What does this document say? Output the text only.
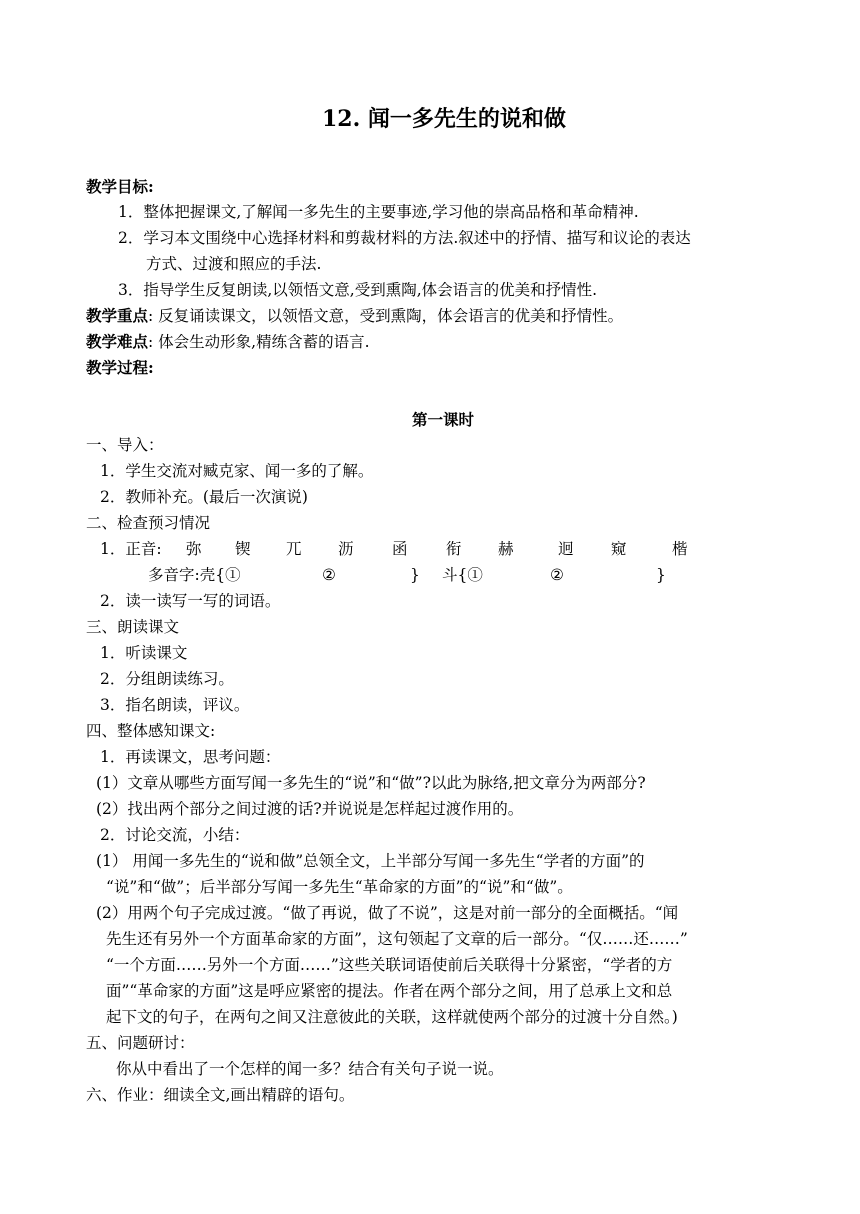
12. 闻一多先生的说和做
教学目标:
1．整体把握课文,了解闻一多先生的主要事迹,学习他的崇高品格和革命精神.
2．学习本文围绕中心选择材料和剪裁材料的方法.叙述中的抒情、描写和议论的表达
方式、过渡和照应的手法.
3．指导学生反复朗读,以领悟文意,受到熏陶,体会语言的优美和抒情性.
教学重点: 反复诵读课文，以领悟文意，受到熏陶，体会语言的优美和抒情性。
教学难点: 体会生动形象,精练含蓄的语言.
教学过程:
第一课时
一、导入：
1．学生交流对臧克家、闻一多的了解。
2．教师补充。(最后一次演说)
二、检查预习情况
1．正音: 弥 锲 兀 沥 函 衔 赫	迥 窥	楷
多音字:壳{①	②	} 斗{①	②	}
2．读一读写一写的词语。
三、朗读课文
1．听读课文
2．分组朗读练习。
3．指名朗读，评议。
四、整体感知课文:
1．再读课文，思考问题：
(1）文章从哪些方面写闻一多先生的“说”和“做”?以此为脉络,把文章分为两部分?
(2）找出两个部分之间过渡的话?并说说是怎样起过渡作用的。
2．讨论交流，小结：
(1） 用闻一多先生的“说和做”总领全文，上半部分写闻一多先生“学者的方面”的
“说”和“做”；后半部分写闻一多先生“革命家的方面”的“说”和“做”。
(2）用两个句子完成过渡。“做了再说，做了不说”，这是对前一部分的全面概括。“闻
先生还有另外一个方面革命家的方面”，这句领起了文章的后一部分。“仅……还……”
“一个方面……另外一个方面……”这些关联词语使前后关联得十分紧密，“学者的方
面”“革命家的方面”这是呼应紧密的提法。作者在两个部分之间，用了总承上文和总
起下文的句子，在两句之间又注意彼此的关联，这样就使两个部分的过渡十分自然。)
五、问题研讨：
你从中看出了一个怎样的闻一多？结合有关句子说一说。
六、作业：细读全文,画出精辟的语句。
